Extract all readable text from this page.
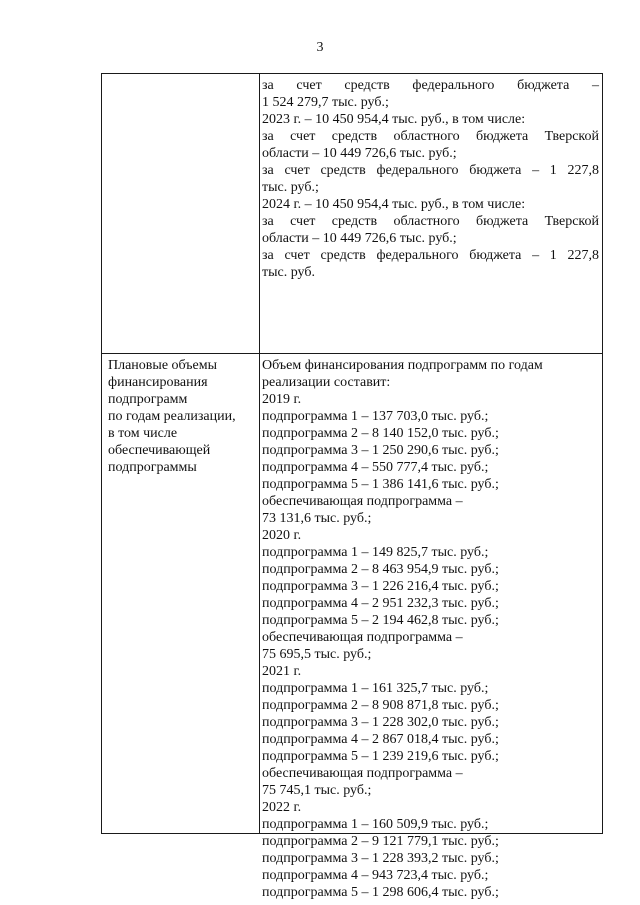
3
за счет средств федерального бюджета –
1 524 279,7 тыс. руб.;
2023 г. – 10 450 954,4 тыс. руб., в том числе:
за счет средств областного бюджета Тверской
области – 10 449 726,6 тыс. руб.;
за счет средств федерального бюджета – 1 227,8
тыс. руб.;
2024 г. – 10 450 954,4 тыс. руб., в том числе:
за счет средств областного бюджета Тверской
области – 10 449 726,6 тыс. руб.;
за счет средств федерального бюджета – 1 227,8
тыс. руб.
Плановые объемы
финансирования
подпрограмм
по годам реализации,
в том числе
обеспечивающей
подпрограммы
Объем финансирования подпрограмм по годам
реализации составит:
2019 г.
подпрограмма 1 – 137 703,0 тыс. руб.;
подпрограмма 2 – 8 140 152,0 тыс. руб.;
подпрограмма 3 – 1 250 290,6 тыс. руб.;
подпрограмма 4 – 550 777,4 тыс. руб.;
подпрограмма 5 – 1 386 141,6 тыс. руб.;
обеспечивающая подпрограмма –
73 131,6 тыс. руб.;
2020 г.
подпрограмма 1 – 149 825,7 тыс. руб.;
подпрограмма 2 – 8 463 954,9 тыс. руб.;
подпрограмма 3 – 1 226 216,4 тыс. руб.;
подпрограмма 4 – 2 951 232,3 тыс. руб.;
подпрограмма 5 – 2 194 462,8 тыс. руб.;
обеспечивающая подпрограмма –
75 695,5 тыс. руб.;
2021 г.
подпрограмма 1 – 161 325,7 тыс. руб.;
подпрограмма 2 – 8 908 871,8 тыс. руб.;
подпрограмма 3 – 1 228 302,0 тыс. руб.;
подпрограмма 4 – 2 867 018,4 тыс. руб.;
подпрограмма 5 – 1 239 219,6 тыс. руб.;
обеспечивающая подпрограмма –
75 745,1 тыс. руб.;
2022 г.
подпрограмма 1 – 160 509,9 тыс. руб.;
подпрограмма 2 – 9 121 779,1 тыс. руб.;
подпрограмма 3 – 1 228 393,2 тыс. руб.;
подпрограмма 4 – 943 723,4 тыс. руб.;
подпрограмма 5 – 1 298 606,4 тыс. руб.;
